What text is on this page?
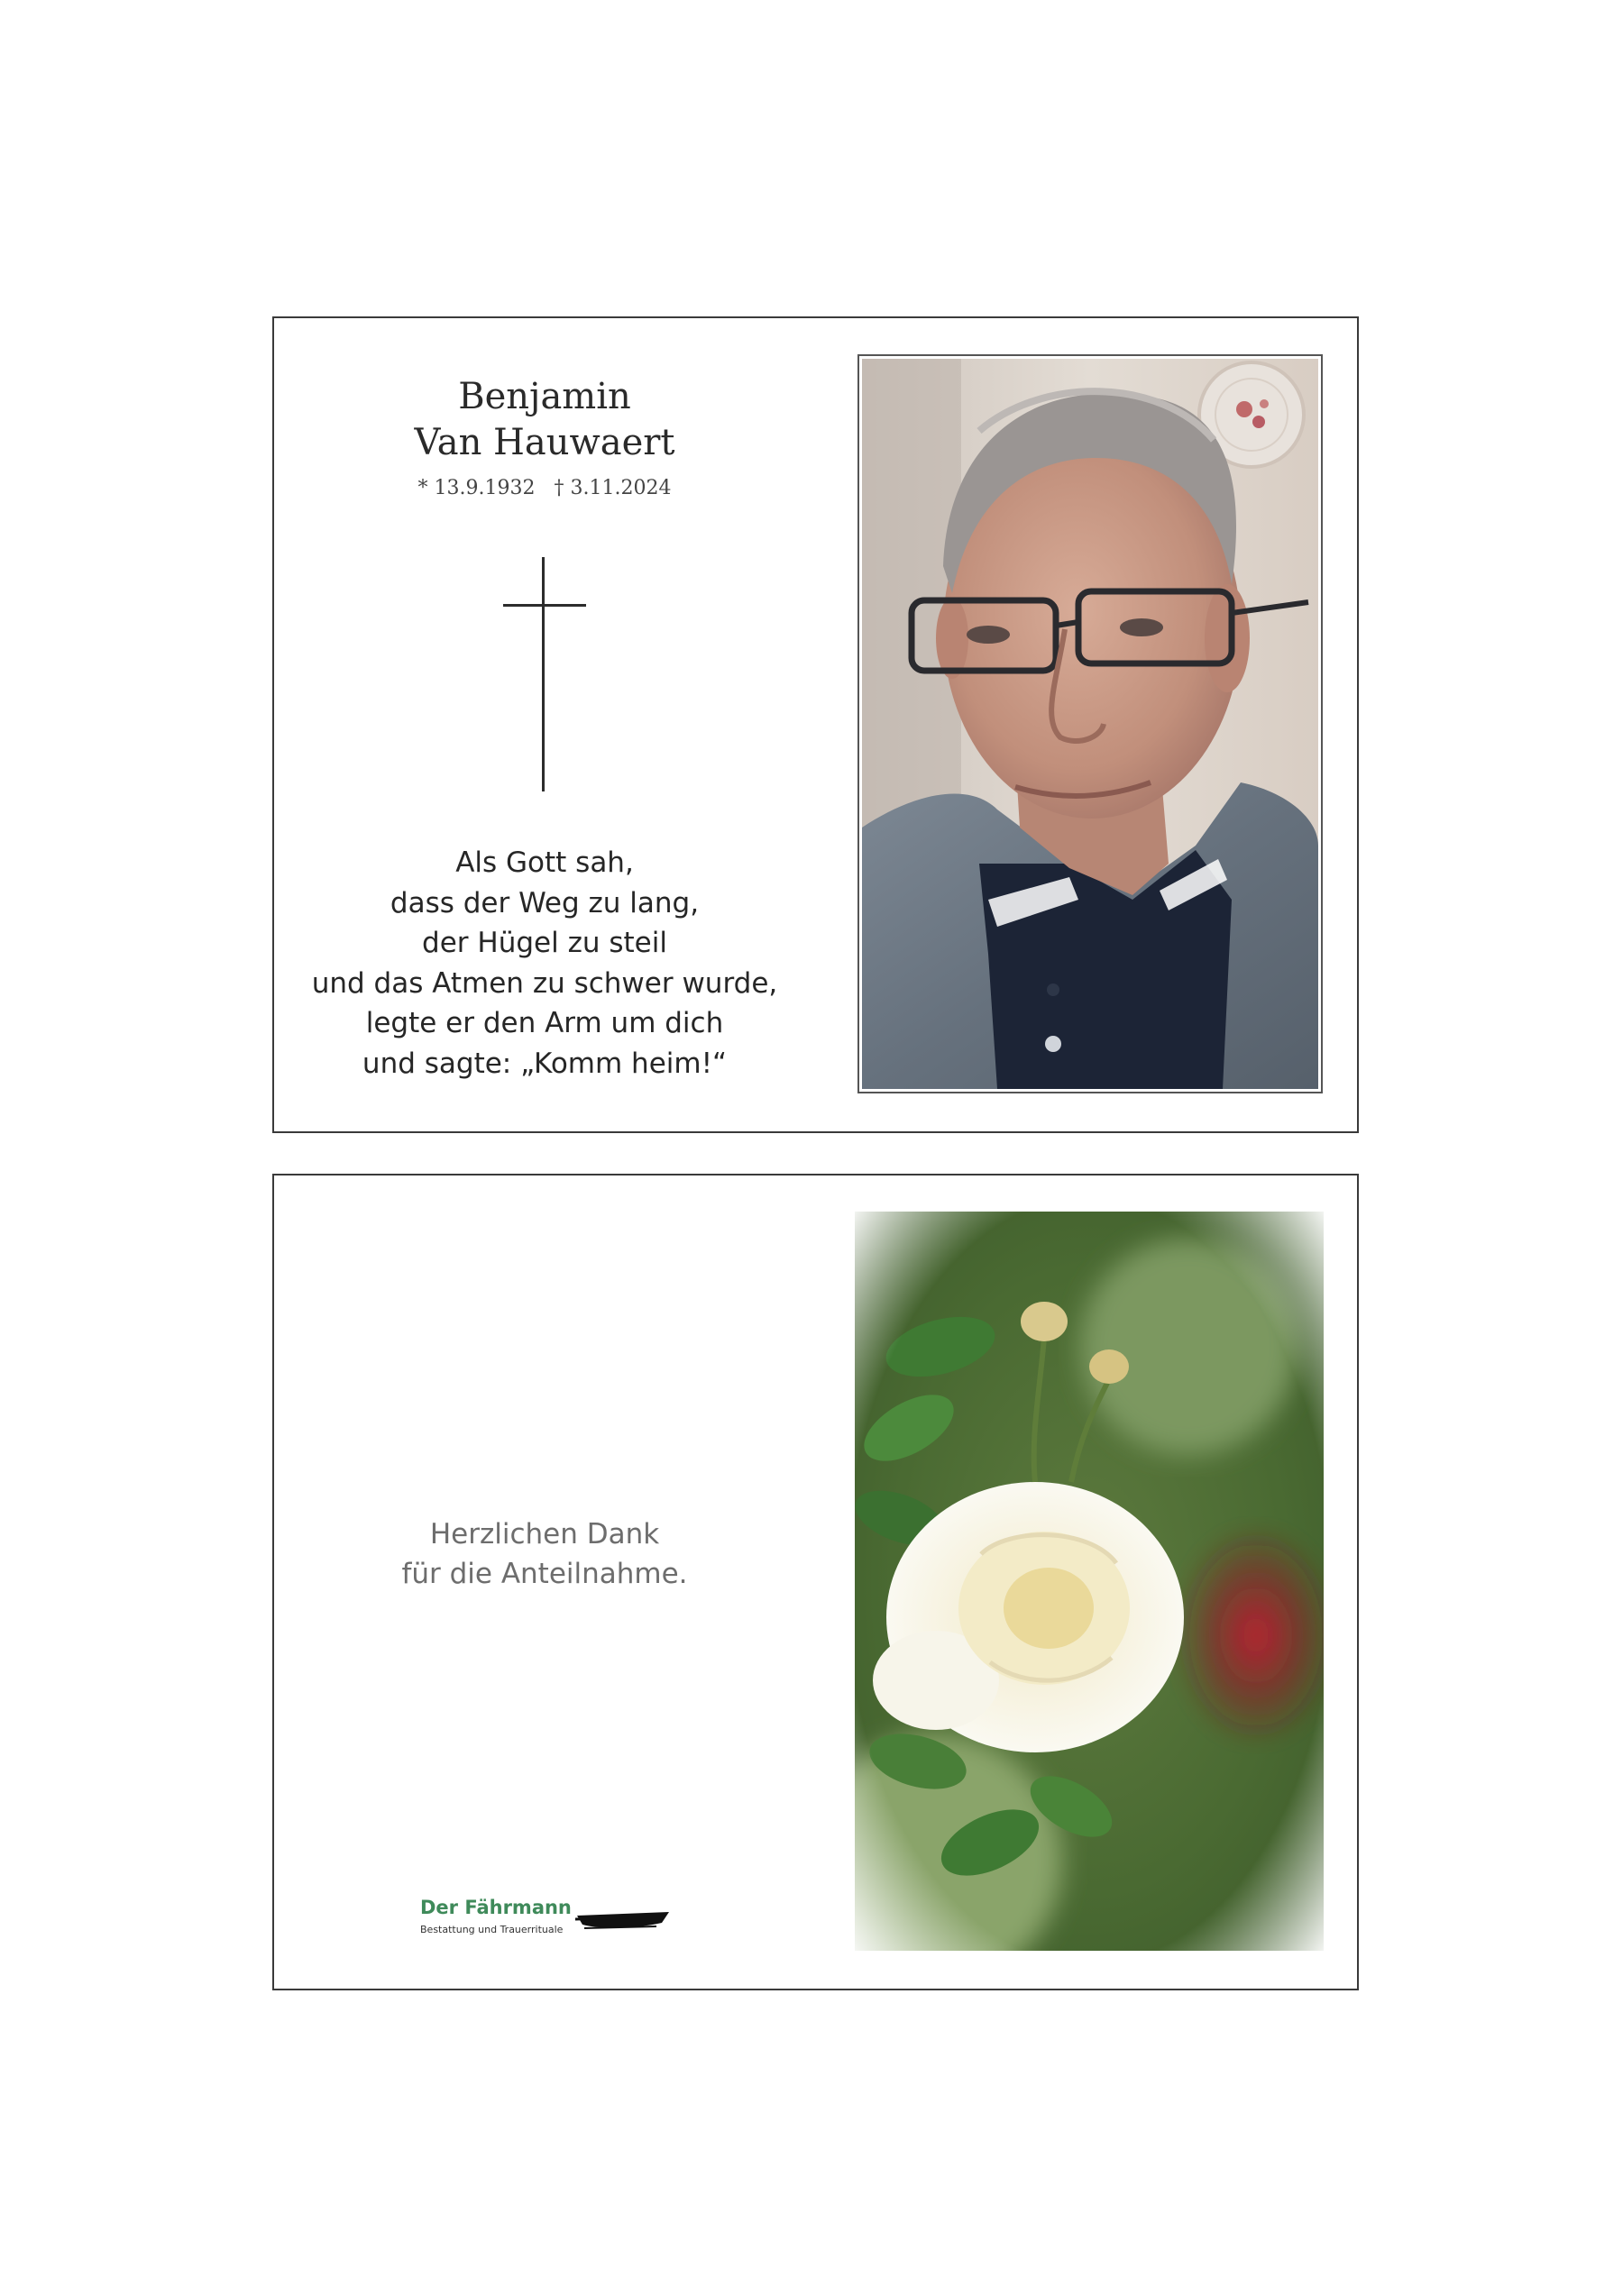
Benjamin
Van Hauwaert
* 13.9.1932   † 3.11.2024
Als Gott sah,
dass der Weg zu lang,
der Hügel zu steil
und das Atmen zu schwer wurde,
legte er den Arm um dich
und sagte: „Komm heim!“
Herzlichen Dank
für die Anteilnahme.
Der Fährmann
Bestattung und Trauerrituale
